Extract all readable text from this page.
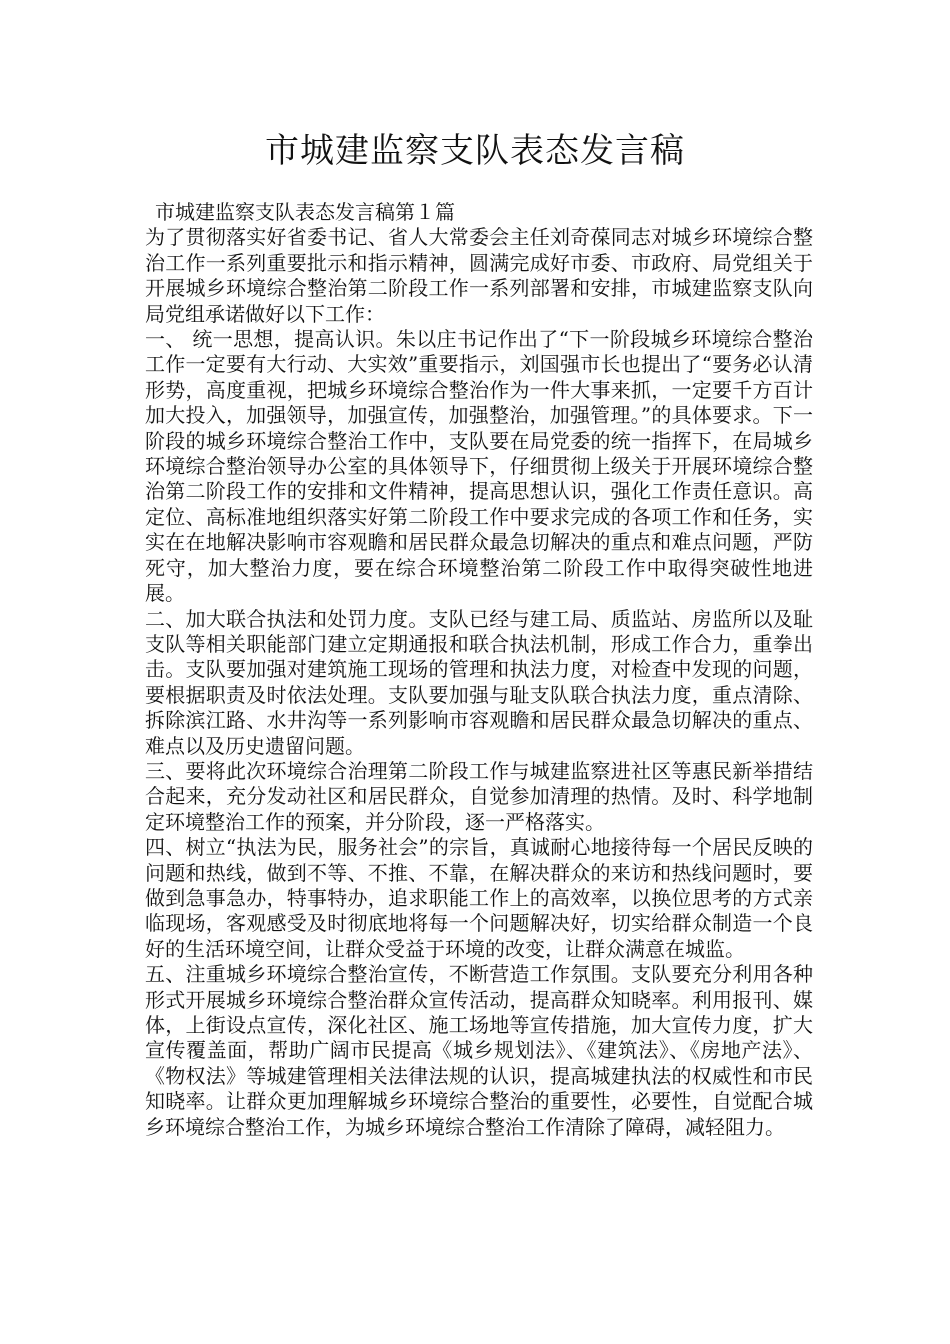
市城建监察支队表态发言稿

市城建监察支队表态发言稿第１篇

为了贯彻落实好省委书记、省人大常委会主任刘奇葆同志对城乡环境综合整治工作一系列重要批示和指示精神，圆满完成好市委、市政府、局党组关于开展城乡环境综合整治第二阶段工作一系列部署和安排，市城建监察支队向局党组承诺做好以下工作：

一、 统一思想，提高认识。朱以庄书记作出了“下一阶段城乡环境综合整治工作一定要有大行动、大实效”重要指示，刘国强市长也提出了“要务必认清形势，高度重视，把城乡环境综合整治作为一件大事来抓，一定要千方百计加大投入，加强领导，加强宣传，加强整治，加强管理。”的具体要求。下一阶段的城乡环境综合整治工作中，支队要在局党委的统一指挥下，在局城乡环境综合整治领导办公室的具体领导下，仔细贯彻上级关于开展环境综合整治第二阶段工作的安排和文件精神，提高思想认识，强化工作责任意识。高定位、高标准地组织落实好第二阶段工作中要求完成的各项工作和任务，实实在在地解决影响市容观瞻和居民群众最急切解决的重点和难点问题，严防死守，加大整治力度，要在综合环境整治第二阶段工作中取得突破性地进展。

二、加大联合执法和处罚力度。支队已经与建工局、质监站、房监所以及耻支队等相关职能部门建立定期通报和联合执法机制，形成工作合力，重拳出击。支队要加强对建筑施工现场的管理和执法力度，对检查中发现的问题，要根据职责及时依法处理。支队要加强与耻支队联合执法力度，重点清除、拆除滨江路、水井沟等一系列影响市容观瞻和居民群众最急切解决的重点、难点以及历史遗留问题。

三、要将此次环境综合治理第二阶段工作与城建监察进社区等惠民新举措结合起来，充分发动社区和居民群众，自觉参加清理的热情。及时、科学地制定环境整治工作的预案，并分阶段，逐一严格落实。

四、树立“执法为民，服务社会”的宗旨，真诚耐心地接待每一个居民反映的问题和热线，做到不等、不推、不靠，在解决群众的来访和热线问题时，要做到急事急办，特事特办，追求职能工作上的高效率，以换位思考的方式亲临现场，客观感受及时彻底地将每一个问题解决好，切实给群众制造一个良好的生活环境空间，让群众受益于环境的改变，让群众满意在城监。

五、注重城乡环境综合整治宣传，不断营造工作氛围。支队要充分利用各种形式开展城乡环境综合整治群众宣传活动，提高群众知晓率。利用报刊、媒体，上街设点宣传，深化社区、施工场地等宣传措施，加大宣传力度，扩大宣传覆盖面，帮助广阔市民提高《城乡规划法》、《建筑法》、《房地产法》、《物权法》等城建管理相关法律法规的认识，提高城建执法的权威性和市民知晓率。让群众更加理解城乡环境综合整治的重要性，必要性，自觉配合城乡环境综合整治工作，为城乡环境综合整治工作清除了障碍，减轻阻力。
